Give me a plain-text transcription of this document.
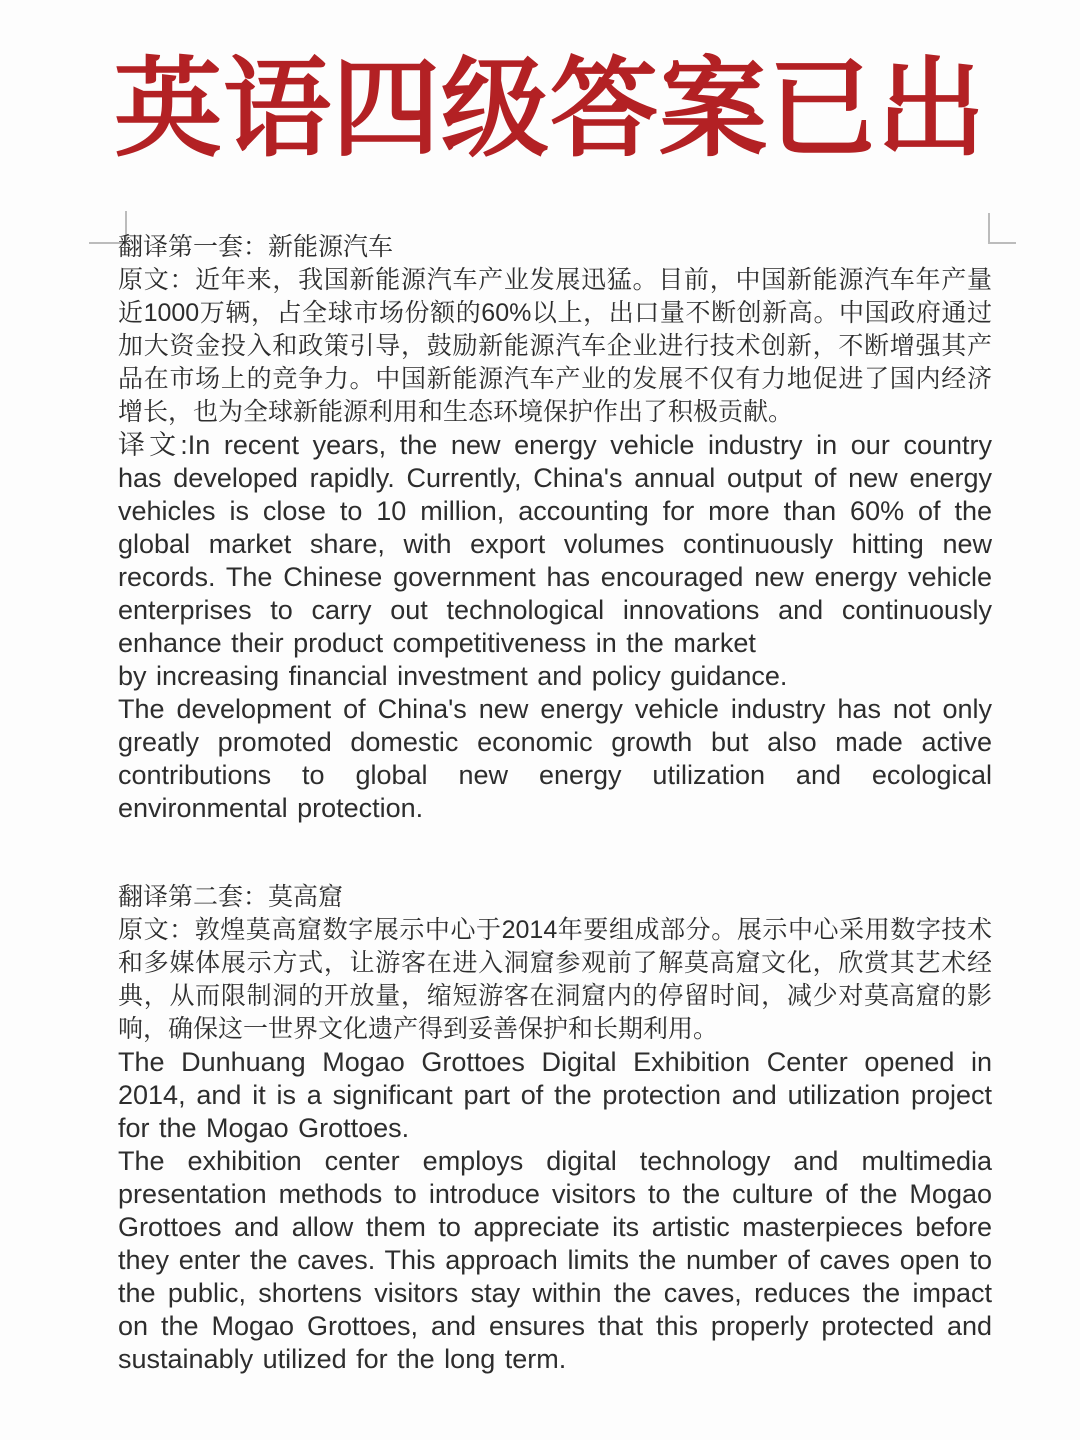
英语四级答案已出

翻译第一套：新能源汽车

原文：近年来，我国新能源汽车产业发展迅猛。目前，中国新能源汽车年产量近1000万辆，占全球市场份额的60%以上，出口量不断创新高。中国政府通过加大资金投入和政策引导，鼓励新能源汽车企业进行技术创新，不断增强其产品在市场上的竞争力。中国新能源汽车产业的发展不仅有力地促进了国内经济增长，也为全球新能源利用和生态环境保护作出了积极贡献。

译文:In recent years, the new energy vehicle industry in our country has developed rapidly. Currently, China's annual output of new energy vehicles is close to 10 million, accounting for more than 60% of the global market share, with export volumes continuously hitting new records. The Chinese government has encouraged new energy vehicle enterprises to carry out technological innovations and continuously enhance their product competitiveness in the market

by increasing financial investment and policy guidance.

The development of China's new energy vehicle industry has not only greatly promoted domestic economic growth but also made active contributions to global new energy utilization and ecological environmental protection.

翻译第二套：莫高窟

原文：敦煌莫高窟数字展示中心于2014年要组成部分。展示中心采用数字技术和多媒体展示方式，让游客在进入洞窟参观前了解莫高窟文化，欣赏其艺术经典，从而限制洞的开放量，缩短游客在洞窟内的停留时间，减少对莫高窟的影响，确保这一世界文化遗产得到妥善保护和长期利用。

The Dunhuang Mogao Grottoes Digital Exhibition Center opened in 2014, and it is a significant part of the protection and utilization project for the Mogao Grottoes.

The exhibition center employs digital technology and multimedia presentation methods to introduce visitors to the culture of the Mogao Grottoes and allow them to appreciate its artistic masterpieces before they enter the caves. This approach limits the number of caves open to the public, shortens visitors stay within the caves, reduces the impact on the Mogao Grottoes, and ensures that this properly protected and sustainably utilized for the long term.
